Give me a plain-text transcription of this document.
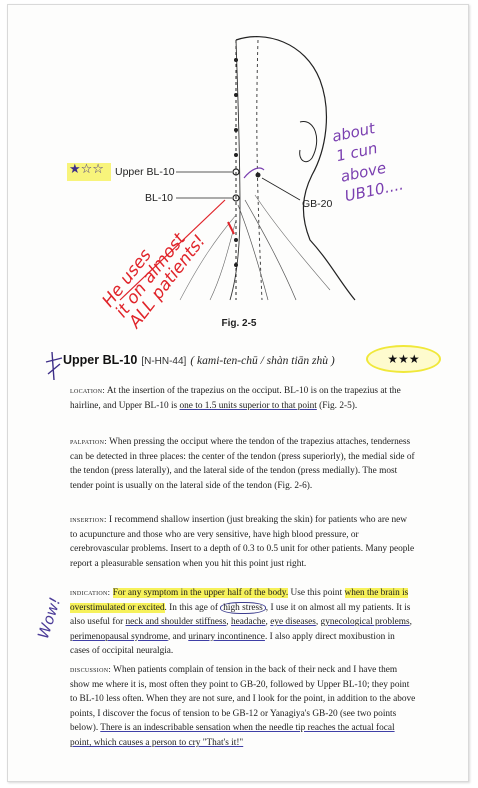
★☆☆ Upper BL-10
BL-10	GB-20
He uses
it on almost
ALL patients!
about
1 cun
above
UB10....
Fig. 2-5
Upper BL-10 [N-HN-44] ( kami-ten-chū / shàn tiān zhù )	★★★
location: At the insertion of the trapezius on the occiput. BL-10 is on the trapezius at the hairline, and Upper BL-10 is one to 1.5 units superior to that point (Fig. 2-5).
palpation: When pressing the occiput where the tendon of the trapezius attaches, tenderness can be detected in three places: the center of the tendon (press superiorly), the medial side of the tendon (press laterally), and the lateral side of the tendon (press medially). The most tender point is usually on the lateral side of the tendon (Fig. 2-6).
insertion: I recommend shallow insertion (just breaking the skin) for patients who are new to acupuncture and those who are very sensitive, have high blood pressure, or cerebrovascular problems. Insert to a depth of 0.3 to 0.5 unit for other patients. Many people report a pleasurable sensation when you hit this point just right.
Wow!
indication: For any symptom in the upper half of the body. Use this point when the brain is overstimulated or excited. In this age of high stress , I use it on almost all my patients. It is also useful for neck and shoulder stiffness, headache, eye diseases, gynecological problems, perimenopausal syndrome, and urinary incontinence. I also apply direct moxibustion in cases of occipital neuralgia.
discussion: When patients complain of tension in the back of their neck and I have them show me where it is, most often they point to GB-20, followed by Upper BL-10; they point to BL-10 less often. When they are not sure, and I look for the point, in addition to the above points, I discover the focus of tension to be GB-12 or Yanagiya's GB-20 (see two points below). There is an indescribable sensation when the needle tip reaches the actual focal point, which causes a person to cry "That's it!"
